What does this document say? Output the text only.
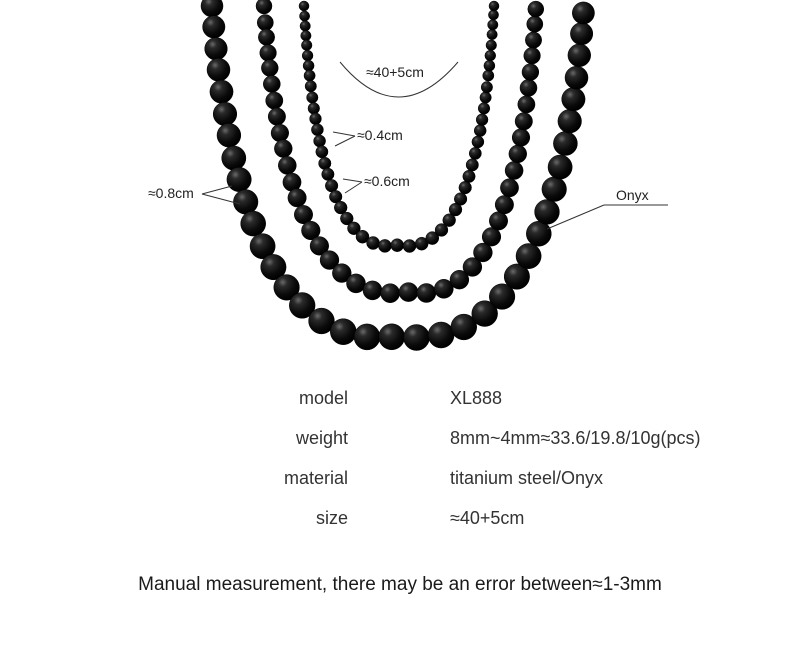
≈40+5cm
≈0.4cm
≈0.6cm
≈0.8cm	Onyx
model	XL888
weight	8mm~4mm≈33.6/19.8/10g(pcs)
material	titanium steel/Onyx
size	≈40+5cm
Manual measurement, there may be an error between≈1-3mm
